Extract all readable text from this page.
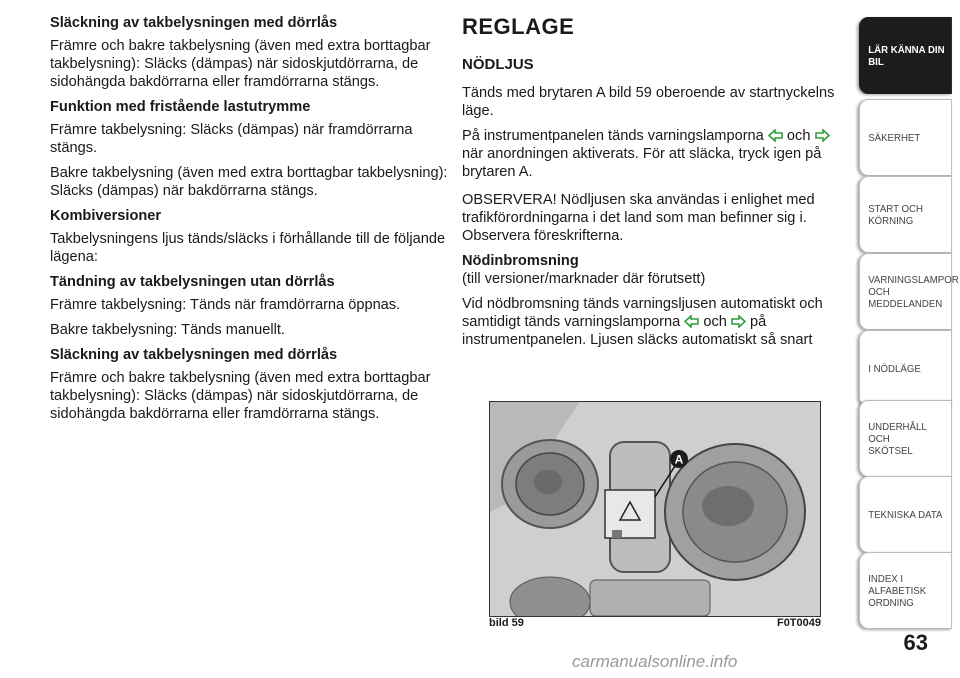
Släckning av takbelysningen med dörrlås

Främre och bakre takbelysning (även med extra borttagbar takbelysning): Släcks (dämpas) när sidoskjutdörrarna, de sidohängda bakdörrarna eller framdörrarna stängs.

Funktion med fristående lastutrymme

Främre takbelysning: Släcks (dämpas) när framdörrarna stängs.

Bakre takbelysning (även med extra borttagbar takbelysning): Släcks (dämpas) när bakdörrarna stängs.

Kombiversioner

Takbelysningens ljus tänds/släcks i förhållande till de följande lägena:

Tändning av takbelysningen utan dörrlås

Främre takbelysning: Tänds när framdörrarna öppnas.

Bakre takbelysning: Tänds manuellt.

Släckning av takbelysningen med dörrlås

Främre och bakre takbelysning (även med extra borttagbar takbelysning): Släcks (dämpas) när sidoskjutdörrarna, de sidohängda bakdörrarna eller framdörrarna stängs.

REGLAGE
NÖDLJUS

Tänds med brytaren A bild 59 oberoende av startnyckelns läge.

På instrumentpanelen tänds varningslamporna och  när anordningen aktiverats. För att släcka, tryck igen på brytaren A.

OBSERVERA! Nödljusen ska användas i enlighet med trafikförordningarna i det land som man befinner sig i. Observera föreskrifterna.

Nödinbromsning

(till versioner/marknader där förutsett)

Vid nödbromsning tänds varningsljusen automatiskt och samtidigt tänds varningslamporna och på instrumentpanelen. Ljusen släcks automatiskt så snart

A
bild 59	F0T0049
LÄR KÄNNA DIN
BIL
SÄKERHET
START OCH
KÖRNING
VARNINGSLAMPOR
OCH
MEDDELANDEN
I NÖDLÄGE
UNDERHÅLL OCH
SKÖTSEL
TEKNISKA DATA
INDEX I ALFABETISK
ORDNING
63
carmanualsonline.info
